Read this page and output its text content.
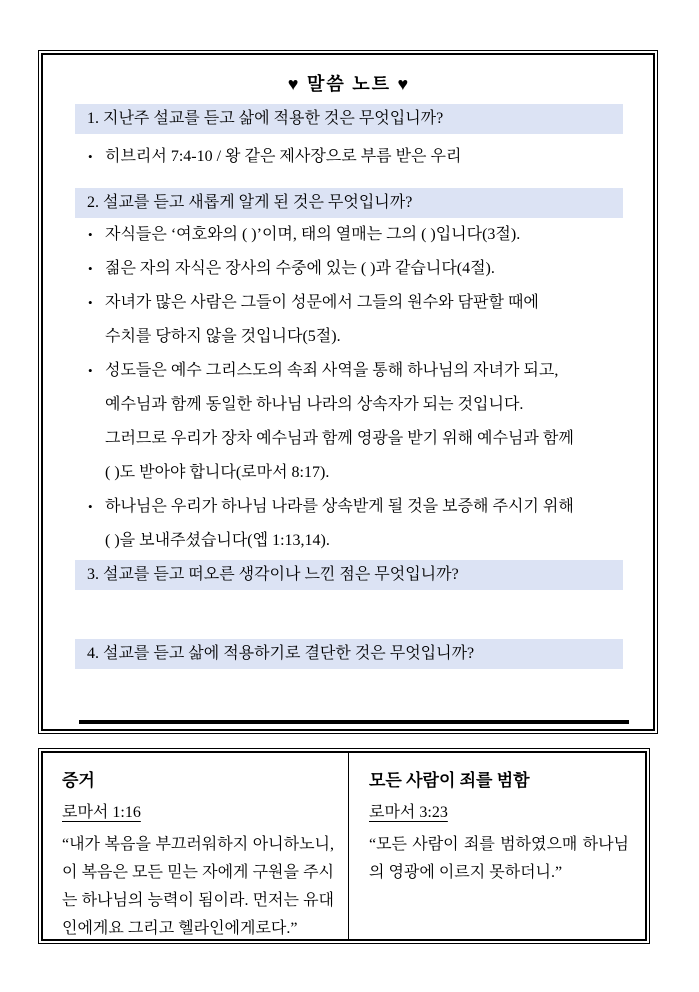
♥ 말씀 노트 ♥
1. 지난주 설교를 듣고 삶에 적용한 것은 무엇입니까?
• 히브리서 7:4-10 / 왕 같은 제사장으로 부름 받은 우리
2. 설교를 듣고 새롭게 알게 된 것은 무엇입니까?
• 자식들은 ‘여호와의 ( )’이며, 태의 열매는 그의 ( )입니다(3절).
• 젊은 자의 자식은 장사의 수중에 있는 ( )과 같습니다(4절).
• 자녀가 많은 사람은 그들이 성문에서 그들의 원수와 담판할 때에
수치를 당하지 않을 것입니다(5절).
• 성도들은 예수 그리스도의 속죄 사역을 통해 하나님의 자녀가 되고,
예수님과 함께 동일한 하나님 나라의 상속자가 되는 것입니다.
그러므로 우리가 장차 예수님과 함께 영광을 받기 위해 예수님과 함께
( )도 받아야 합니다(로마서 8:17).
• 하나님은 우리가 하나님 나라를 상속받게 될 것을 보증해 주시기 위해
( )을 보내주셨습니다(엡 1:13,14).
3. 설교를 듣고 떠오른 생각이나 느낀 점은 무엇입니까?
4. 설교를 듣고 삶에 적용하기로 결단한 것은 무엇입니까?
증거
로마서 1:16
“내가 복음을 부끄러워하지 아니하노니, 이 복음은 모든 믿는 자에게 구원을 주시는 하나님의 능력이 됨이라. 먼저는 유대인에게요 그리고 헬라인에게로다.”
모든 사람이 죄를 범함
로마서 3:23
“모든 사람이 죄를 범하였으매 하나님의 영광에 이르지 못하더니.”
